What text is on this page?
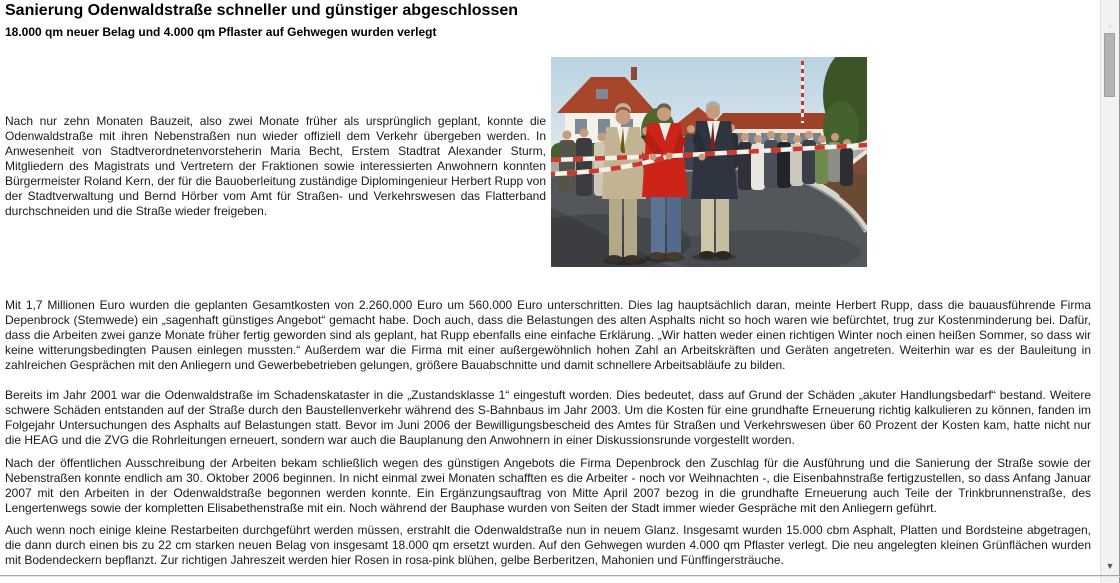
Sanierung Odenwaldstraße schneller und günstiger abgeschlossen
18.000 qm neuer Belag und 4.000 qm Pflaster auf Gehwegen wurden verlegt

Nach nur zehn Monaten Bauzeit, also zwei Monate früher als ursprünglich geplant, konnte die Odenwaldstraße mit ihren Nebenstraßen nun wieder offiziell dem Verkehr übergeben werden. In Anwesenheit von Stadtverordnetenvorsteherin Maria Becht, Erstem Stadtrat Alexander Sturm, Mitgliedern des Magistrats und Vertretern der Fraktionen sowie interessierten Anwohnern konnten Bürgermeister Roland Kern, der für die Bauoberleitung zuständige Diplomingenieur Herbert Rupp von der Stadtverwaltung und Bernd Hörber vom Amt für Straßen- und Verkehrswesen das Flatterband durchschneiden und die Straße wieder freigeben.

Mit 1,7 Millionen Euro wurden die geplanten Gesamtkosten von 2.260.000 Euro um 560.000 Euro unterschritten. Dies lag hauptsächlich daran, meinte Herbert Rupp, dass die bauausführende Firma Depenbrock (Stemwede) ein „sagenhaft günstiges Angebot“ gemacht habe. Doch auch, dass die Belastungen des alten Asphalts nicht so hoch waren wie befürchtet, trug zur Kostenminderung bei. Dafür, dass die Arbeiten zwei ganze Monate früher fertig geworden sind als geplant, hat Rupp ebenfalls eine einfache Erklärung. „Wir hatten weder einen richtigen Winter noch einen heißen Sommer, so dass wir keine witterungsbedingten Pausen einlegen mussten.“ Außerdem war die Firma mit einer außergewöhnlich hohen Zahl an Arbeitskräften und Geräten angetreten. Weiterhin war es der Bauleitung in zahlreichen Gesprächen mit den Anliegern und Gewerbebetrieben gelungen, größere Bauabschnitte und damit schnellere Arbeitsabläufe zu bilden.

Bereits im Jahr 2001 war die Odenwaldstraße im Schadenskataster in die „Zustandsklasse 1“ eingestuft worden. Dies bedeutet, dass auf Grund der Schäden „akuter Handlungsbedarf“ bestand. Weitere schwere Schäden entstanden auf der Straße durch den Baustellenverkehr während des S-Bahnbaus im Jahr 2003. Um die Kosten für eine grundhafte Erneuerung richtig kalkulieren zu können, fanden im Folgejahr Untersuchungen des Asphalts auf Belastungen statt. Bevor im Juni 2006 der Bewilligungsbescheid des Amtes für Straßen und Verkehrswesen über 60 Prozent der Kosten kam, hatte nicht nur die HEAG und die ZVG die Rohrleitungen erneuert, sondern war auch die Bauplanung den Anwohnern in einer Diskussionsrunde vorgestellt worden.

Nach der öffentlichen Ausschreibung der Arbeiten bekam schließlich wegen des günstigen Angebots die Firma Depenbrock den Zuschlag für die Ausführung und die Sanierung der Straße sowie der Nebenstraßen konnte endlich am 30. Oktober 2006 beginnen. In nicht einmal zwei Monaten schafften es die Arbeiter - noch vor Weihnachten -, die Eisenbahnstraße fertigzustellen, so dass Anfang Januar 2007 mit den Arbeiten in der Odenwaldstraße begonnen werden konnte. Ein Ergänzungsauftrag von Mitte April 2007 bezog in die grundhafte Erneuerung auch Teile der Trinkbrunnenstraße, des Lengertenwegs sowie der kompletten Elisabethenstraße mit ein. Noch während der Bauphase wurden von Seiten der Stadt immer wieder Gespräche mit den Anliegern geführt.

Auch wenn noch einige kleine Restarbeiten durchgeführt werden müssen, erstrahlt die Odenwaldstraße nun in neuem Glanz. Insgesamt wurden 15.000 cbm Asphalt, Platten und Bordsteine abgetragen, die dann durch einen bis zu 22 cm starken neuen Belag von insgesamt 18.000 qm ersetzt wurden. Auf den Gehwegen wurden 4.000 qm Pflaster verlegt. Die neu angelegten kleinen Grünflächen wurden mit Bodendeckern bepflanzt. Zur richtigen Jahreszeit werden hier Rosen in rosa-pink blühen, gelbe Berberitzen, Mahonien und Fünffingersträuche.

▲
▼
